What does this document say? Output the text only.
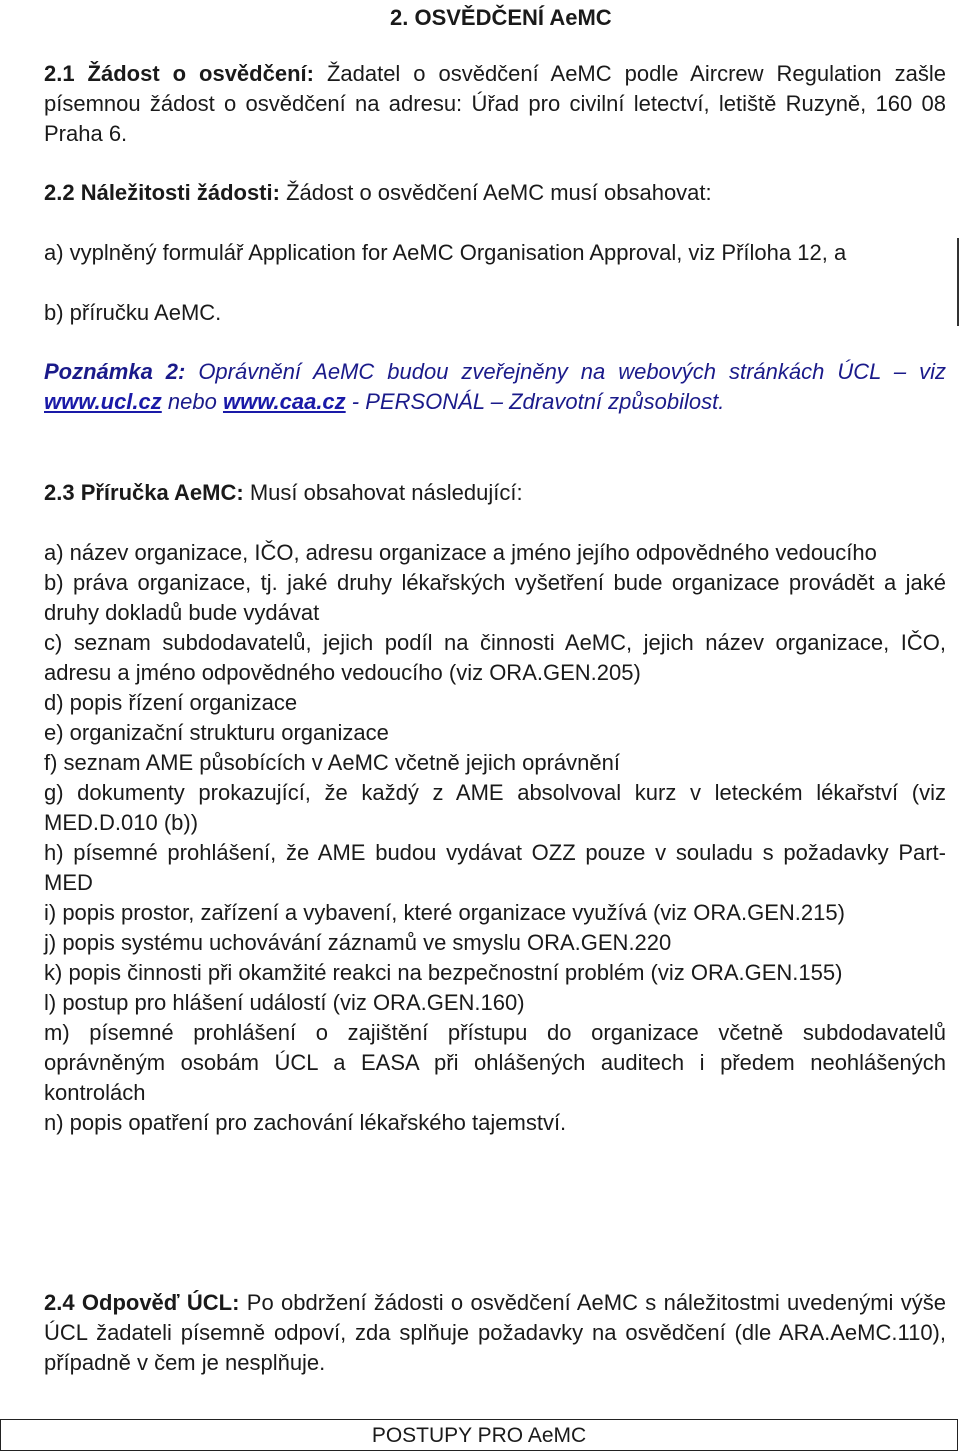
2. OSVĚDČENÍ AeMC
2.1 Žádost o osvědčení: Žadatel o osvědčení AeMC podle Aircrew Regulation zašle písemnou žádost o osvědčení na adresu: Úřad pro civilní letectví, letiště Ruzyně, 160 08 Praha 6.
2.2 Náležitosti žádosti: Žádost o osvědčení AeMC musí obsahovat:
a) vyplněný formulář Application for AeMC Organisation Approval, viz Příloha 12, a
b) příručku AeMC.
Poznámka 2: Oprávnění AeMC budou zveřejněny na webových stránkách ÚCL – viz www.ucl.cz nebo www.caa.cz - PERSONÁL – Zdravotní způsobilost.
2.3 Příručka AeMC: Musí obsahovat následující:
a) název organizace, IČO, adresu organizace a jméno jejího odpovědného vedoucího
b) práva organizace, tj. jaké druhy lékařských vyšetření bude organizace provádět a jaké druhy dokladů bude vydávat
c) seznam subdodavatelů, jejich podíl na činnosti AeMC, jejich název organizace, IČO, adresu a jméno odpovědného vedoucího (viz ORA.GEN.205)
d) popis řízení organizace
e) organizační strukturu organizace
f) seznam AME působících v AeMC včetně jejich oprávnění
g) dokumenty prokazující, že každý z AME absolvoval kurz v leteckém lékařství (viz MED.D.010 (b))
h) písemné prohlášení, že AME budou vydávat OZZ pouze v souladu s požadavky Part-MED
i) popis prostor, zařízení a vybavení, které organizace využívá (viz ORA.GEN.215)
j) popis systému uchovávání záznamů ve smyslu ORA.GEN.220
k) popis činnosti při okamžité reakci na bezpečnostní problém (viz ORA.GEN.155)
l) postup pro hlášení událostí (viz ORA.GEN.160)
m) písemné prohlášení o zajištění přístupu do organizace včetně subdodavatelů oprávněným osobám ÚCL a EASA při ohlášených auditech i předem neohlášených kontrolách
n) popis opatření pro zachování lékařského tajemství.
2.4 Odpověď ÚCL: Po obdržení žádosti o osvědčení AeMC s náležitostmi uvedenými výše ÚCL žadateli písemně odpoví, zda splňuje požadavky na osvědčení (dle ARA.AeMC.110), případně v čem je nesplňuje.
POSTUPY PRO AeMC
